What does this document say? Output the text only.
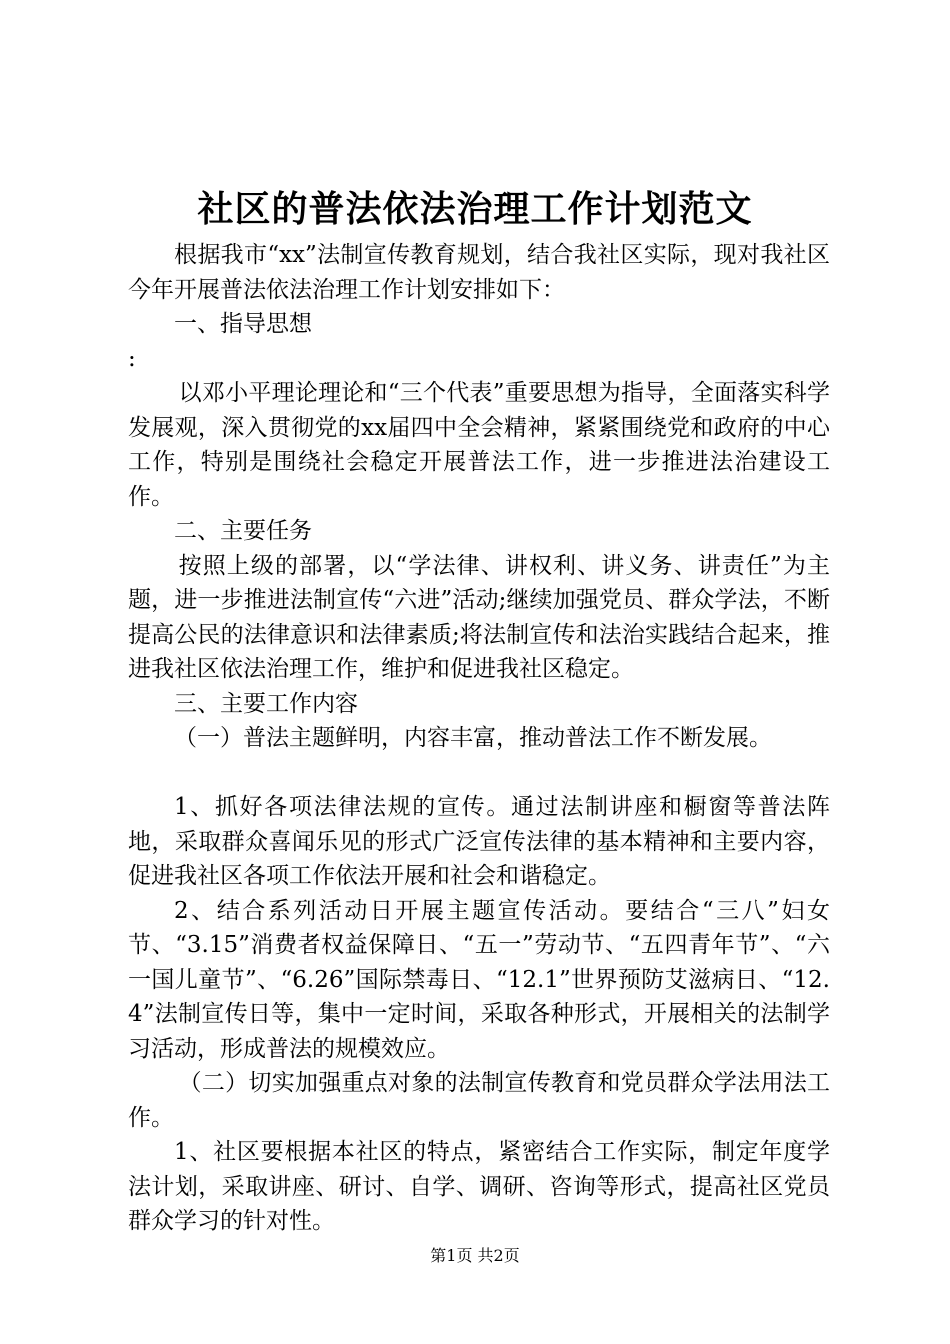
社区的普法依法治理工作计划范文

根据我市“xx”法制宣传教育规划，结合我社区实际，现对我社区今年开展普法依法治理工作计划安排如下：

一、指导思想

:

以邓小平理论理论和“三个代表”重要思想为指导，全面落实科学发展观，深入贯彻党的xx届四中全会精神，紧紧围绕党和政府的中心工作，特别是围绕社会稳定开展普法工作，进一步推进法治建设工作。

二、主要任务

按照上级的部署，以“学法律、讲权利、讲义务、讲责任”为主题，进一步推进法制宣传“六进”活动;继续加强党员、群众学法，不断提高公民的法律意识和法律素质;将法制宣传和法治实践结合起来，推进我社区依法治理工作，维护和促进我社区稳定。

三、主要工作内容

（一）普法主题鲜明，内容丰富，推动普法工作不断发展。

1、抓好各项法律法规的宣传。通过法制讲座和橱窗等普法阵地，采取群众喜闻乐见的形式广泛宣传法律的基本精神和主要内容，促进我社区各项工作依法开展和社会和谐稳定。

2、结合系列活动日开展主题宣传活动。要结合“三八”妇女节、“3.15”消费者权益保障日、“五一”劳动节、“五四青年节”、“六一国儿童节”、“6.26”国际禁毒日、“12.1”世界预防艾滋病日、“12.4”法制宣传日等，集中一定时间，采取各种形式，开展相关的法制学习活动，形成普法的规模效应。

（二）切实加强重点对象的法制宣传教育和党员群众学法用法工作。

1、社区要根据本社区的特点，紧密结合工作实际，制定年度学法计划，采取讲座、研讨、自学、调研、咨询等形式，提高社区党员群众学习的针对性。

第1页 共2页
